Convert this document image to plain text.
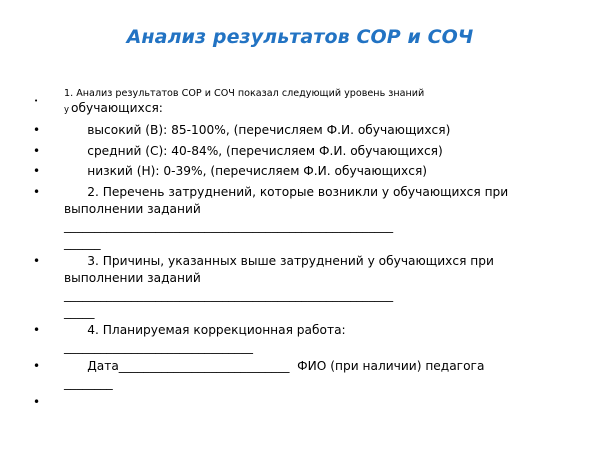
Анализ результатов СОР и СОЧ
•
1. Анализ результатов СОР и СОЧ показал следующий уровень знаний
у обучающихся:
• высокий (В): 85-100%, (перечисляем Ф.И. обучающихся)
• средний (С): 40-84%, (перечисляем Ф.И. обучающихся)
• низкий (Н): 0-39%, (перечисляем Ф.И. обучающихся)
• 2. Перечень затруднений, которые возникли у обучающихся при
выполнении заданий
______________________________________________________
______
• 3. Причины, указанных выше затруднений у обучающихся при
выполнении заданий
______________________________________________________
_____
• 4. Планируемая коррекционная работа:
_______________________________
• Дата____________________________  ФИО (при наличии) педагога
________
•
